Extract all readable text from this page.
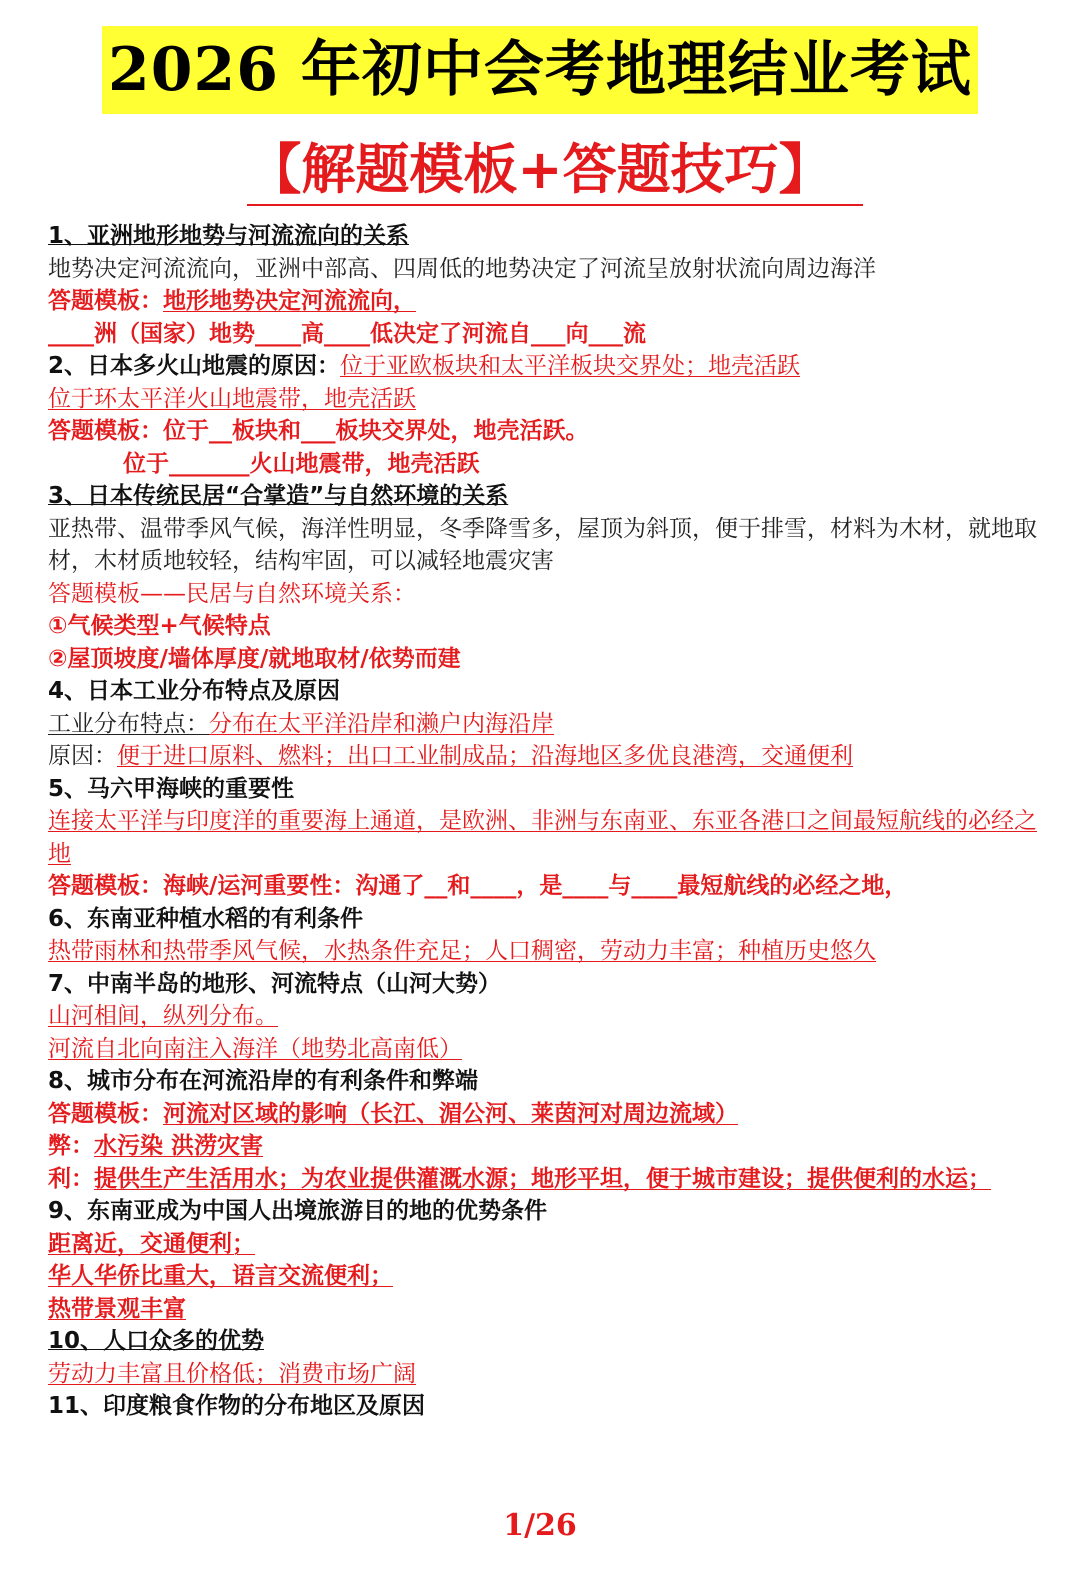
2026 年初中会考地理结业考试
【解题模板+答题技巧】
1、亚洲地形地势与河流流向的关系
地势决定河流流向，亚洲中部高、四周低的地势决定了河流呈放射状流向周边海洋
答题模板：地形地势决定河流流向，
____洲（国家）地势____高____低决定了河流自___向___流
2、日本多火山地震的原因：位于亚欧板块和太平洋板块交界处；地壳活跃
位于环太平洋火山地震带，地壳活跃
答题模板：位于__板块和___板块交界处，地壳活跃。
位于_______火山地震带，地壳活跃
3、日本传统民居“合掌造”与自然环境的关系
亚热带、温带季风气候，海洋性明显，冬季降雪多，屋顶为斜顶，便于排雪，材料为木材，就地取材，木材质地较轻，结构牢固，可以减轻地震灾害
答题模板——民居与自然环境关系：
①气候类型+气候特点
②屋顶坡度/墙体厚度/就地取材/依势而建
4、日本工业分布特点及原因
工业分布特点：分布在太平洋沿岸和濑户内海沿岸
原因：便于进口原料、燃料；出口工业制成品；沿海地区多优良港湾，交通便利
5、马六甲海峡的重要性
连接太平洋与印度洋的重要海上通道，是欧洲、非洲与东南亚、东亚各港口之间最短航线的必经之地
答题模板：海峡/运河重要性：沟通了__和____，是____与____最短航线的必经之地，
6、东南亚种植水稻的有利条件
热带雨林和热带季风气候，水热条件充足；人口稠密，劳动力丰富；种植历史悠久
7、中南半岛的地形、河流特点（山河大势）
山河相间，纵列分布。
河流自北向南注入海洋（地势北高南低）
8、城市分布在河流沿岸的有利条件和弊端
答题模板：河流对区域的影响（长江、湄公河、莱茵河对周边流域）
弊：水污染 洪涝灾害
利：提供生产生活用水；为农业提供灌溉水源；地形平坦，便于城市建设；提供便利的水运；
9、东南亚成为中国人出境旅游目的地的优势条件
距离近，交通便利；
华人华侨比重大，语言交流便利；
热带景观丰富
10、人口众多的优势
劳动力丰富且价格低；消费市场广阔
11、印度粮食作物的分布地区及原因
1/26
